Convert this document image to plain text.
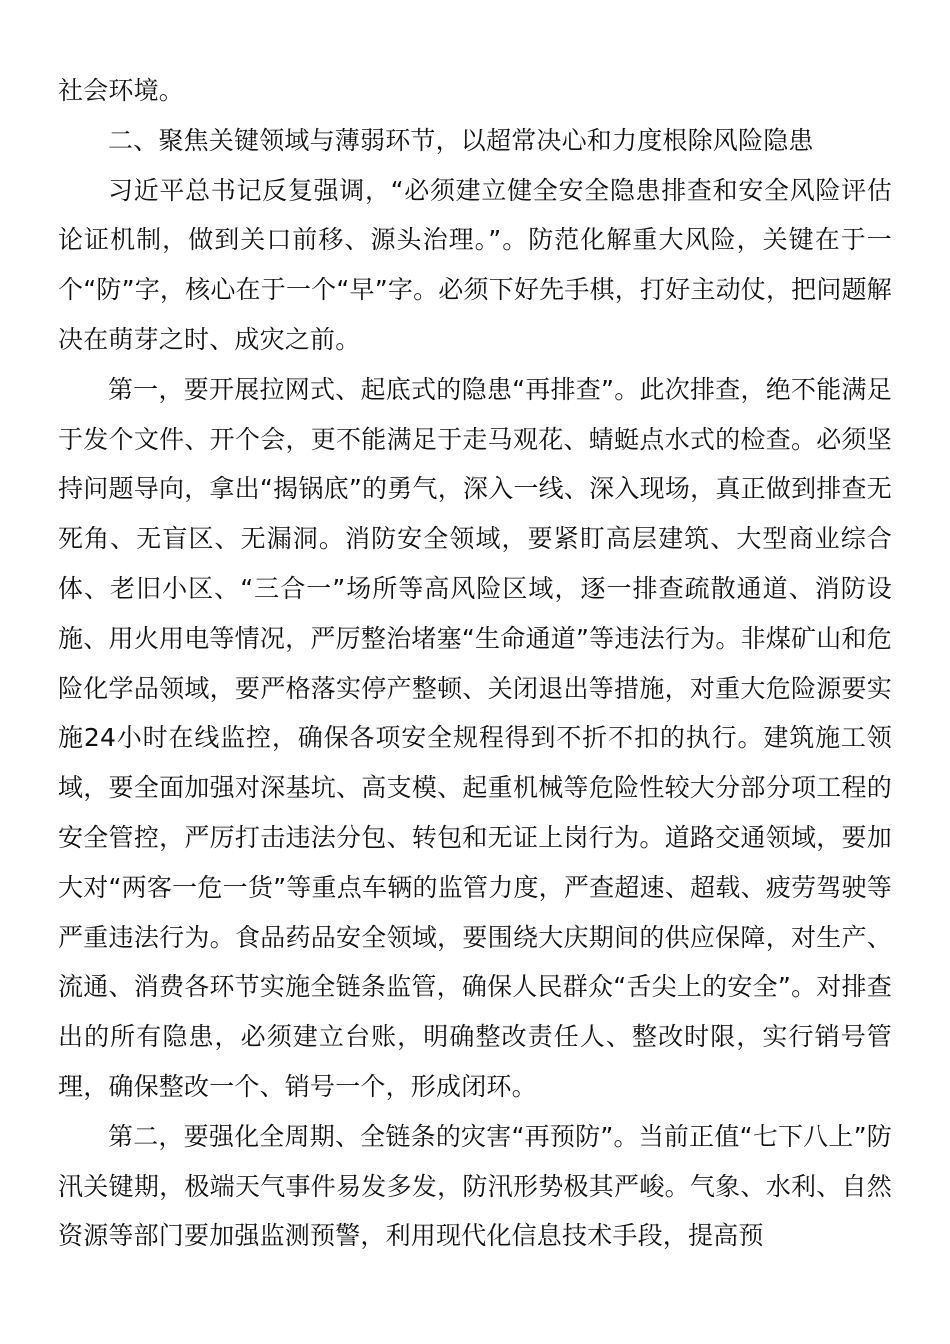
社会环境。

二、聚焦关键领域与薄弱环节，以超常决心和力度根除风险隐患

习近平总书记反复强调，“必须建立健全安全隐患排查和安全风险评估论证机制，做到关口前移、源头治理。”。防范化解重大风险，关键在于一个“防”字，核心在于一个“早”字。必须下好先手棋，打好主动仗，把问题解决在萌芽之时、成灾之前。

第一，要开展拉网式、起底式的隐患“再排查”。此次排查，绝不能满足于发个文件、开个会，更不能满足于走马观花、蜻蜓点水式的检查。必须坚持问题导向，拿出“揭锅底”的勇气，深入一线、深入现场，真正做到排查无死角、无盲区、无漏洞。消防安全领域，要紧盯高层建筑、大型商业综合体、老旧小区、“三合一”场所等高风险区域，逐一排查疏散通道、消防设施、用火用电等情况，严厉整治堵塞“生命通道”等违法行为。非煤矿山和危险化学品领域，要严格落实停产整顿、关闭退出等措施，对重大危险源要实施24小时在线监控，确保各项安全规程得到不折不扣的执行。建筑施工领域，要全面加强对深基坑、高支模、起重机械等危险性较大分部分项工程的安全管控，严厉打击违法分包、转包和无证上岗行为。道路交通领域，要加大对“两客一危一货”等重点车辆的监管力度，严查超速、超载、疲劳驾驶等严重违法行为。食品药品安全领域，要围绕大庆期间的供应保障，对生产、流通、消费各环节实施全链条监管，确保人民群众“舌尖上的安全”。对排查出的所有隐患，必须建立台账，明确整改责任人、整改时限，实行销号管理，确保整改一个、销号一个，形成闭环。

第二，要强化全周期、全链条的灾害“再预防”。当前正值“七下八上”防汛关键期，极端天气事件易发多发，防汛形势极其严峻。气象、水利、自然资源等部门要加强监测预警，利用现代化信息技术手段，提高预
